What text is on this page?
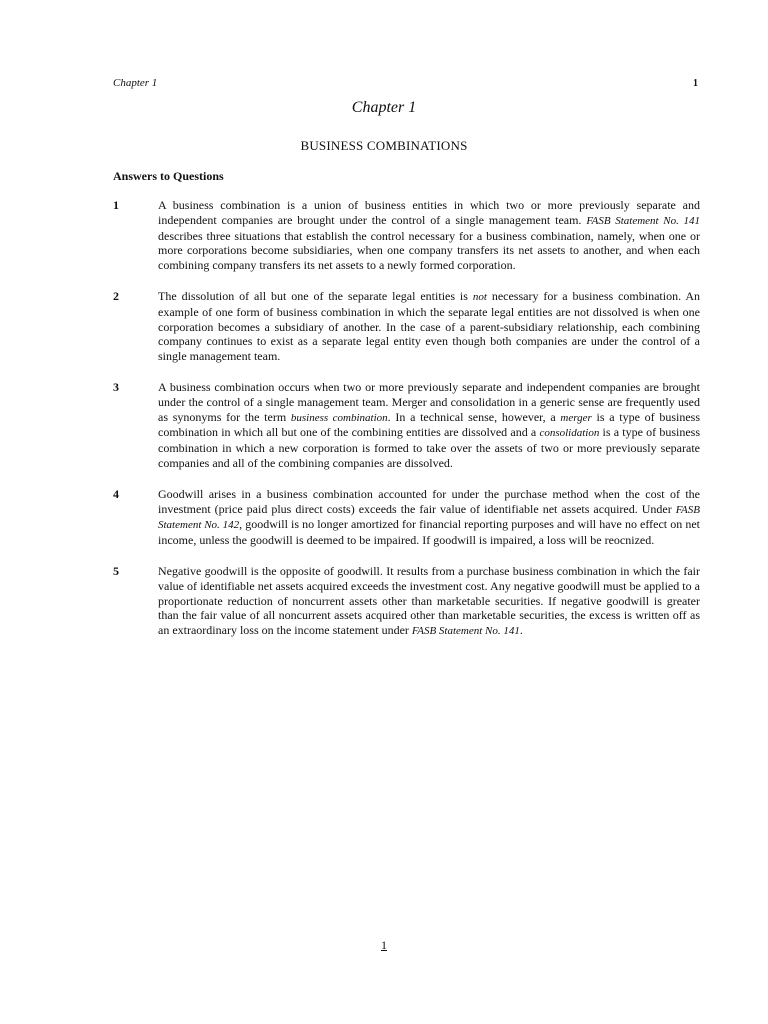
Chapter 1	1
Chapter 1
BUSINESS COMBINATIONS
Answers to Questions
1	A business combination is a union of business entities in which two or more previously separate and independent companies are brought under the control of a single management team. FASB Statement No. 141 describes three situations that establish the control necessary for a business combination, namely, when one or more corporations become subsidiaries, when one company transfers its net assets to another, and when each combining company transfers its net assets to a newly formed corporation.
2	The dissolution of all but one of the separate legal entities is not necessary for a business combination. An example of one form of business combination in which the separate legal entities are not dissolved is when one corporation becomes a subsidiary of another. In the case of a parent-subsidiary relationship, each combining company continues to exist as a separate legal entity even though both companies are under the control of a single management team.
3	A business combination occurs when two or more previously separate and independent companies are brought under the control of a single management team. Merger and consolidation in a generic sense are frequently used as synonyms for the term business combination. In a technical sense, however, a merger is a type of business combination in which all but one of the combining entities are dissolved and a consolidation is a type of business combination in which a new corporation is formed to take over the assets of two or more previously separate companies and all of the combining companies are dissolved.
4	Goodwill arises in a business combination accounted for under the purchase method when the cost of the investment (price paid plus direct costs) exceeds the fair value of identifiable net assets acquired. Under FASB Statement No. 142, goodwill is no longer amortized for financial reporting purposes and will have no effect on net income, unless the goodwill is deemed to be impaired. If goodwill is impaired, a loss will be reocnized.
5	Negative goodwill is the opposite of goodwill. It results from a purchase business combination in which the fair value of identifiable net assets acquired exceeds the investment cost. Any negative goodwill must be applied to a proportionate reduction of noncurrent assets other than marketable securities. If negative goodwill is greater than the fair value of all noncurrent assets acquired other than marketable securities, the excess is written off as an extraordinary loss on the income statement under FASB Statement No. 141.
1
